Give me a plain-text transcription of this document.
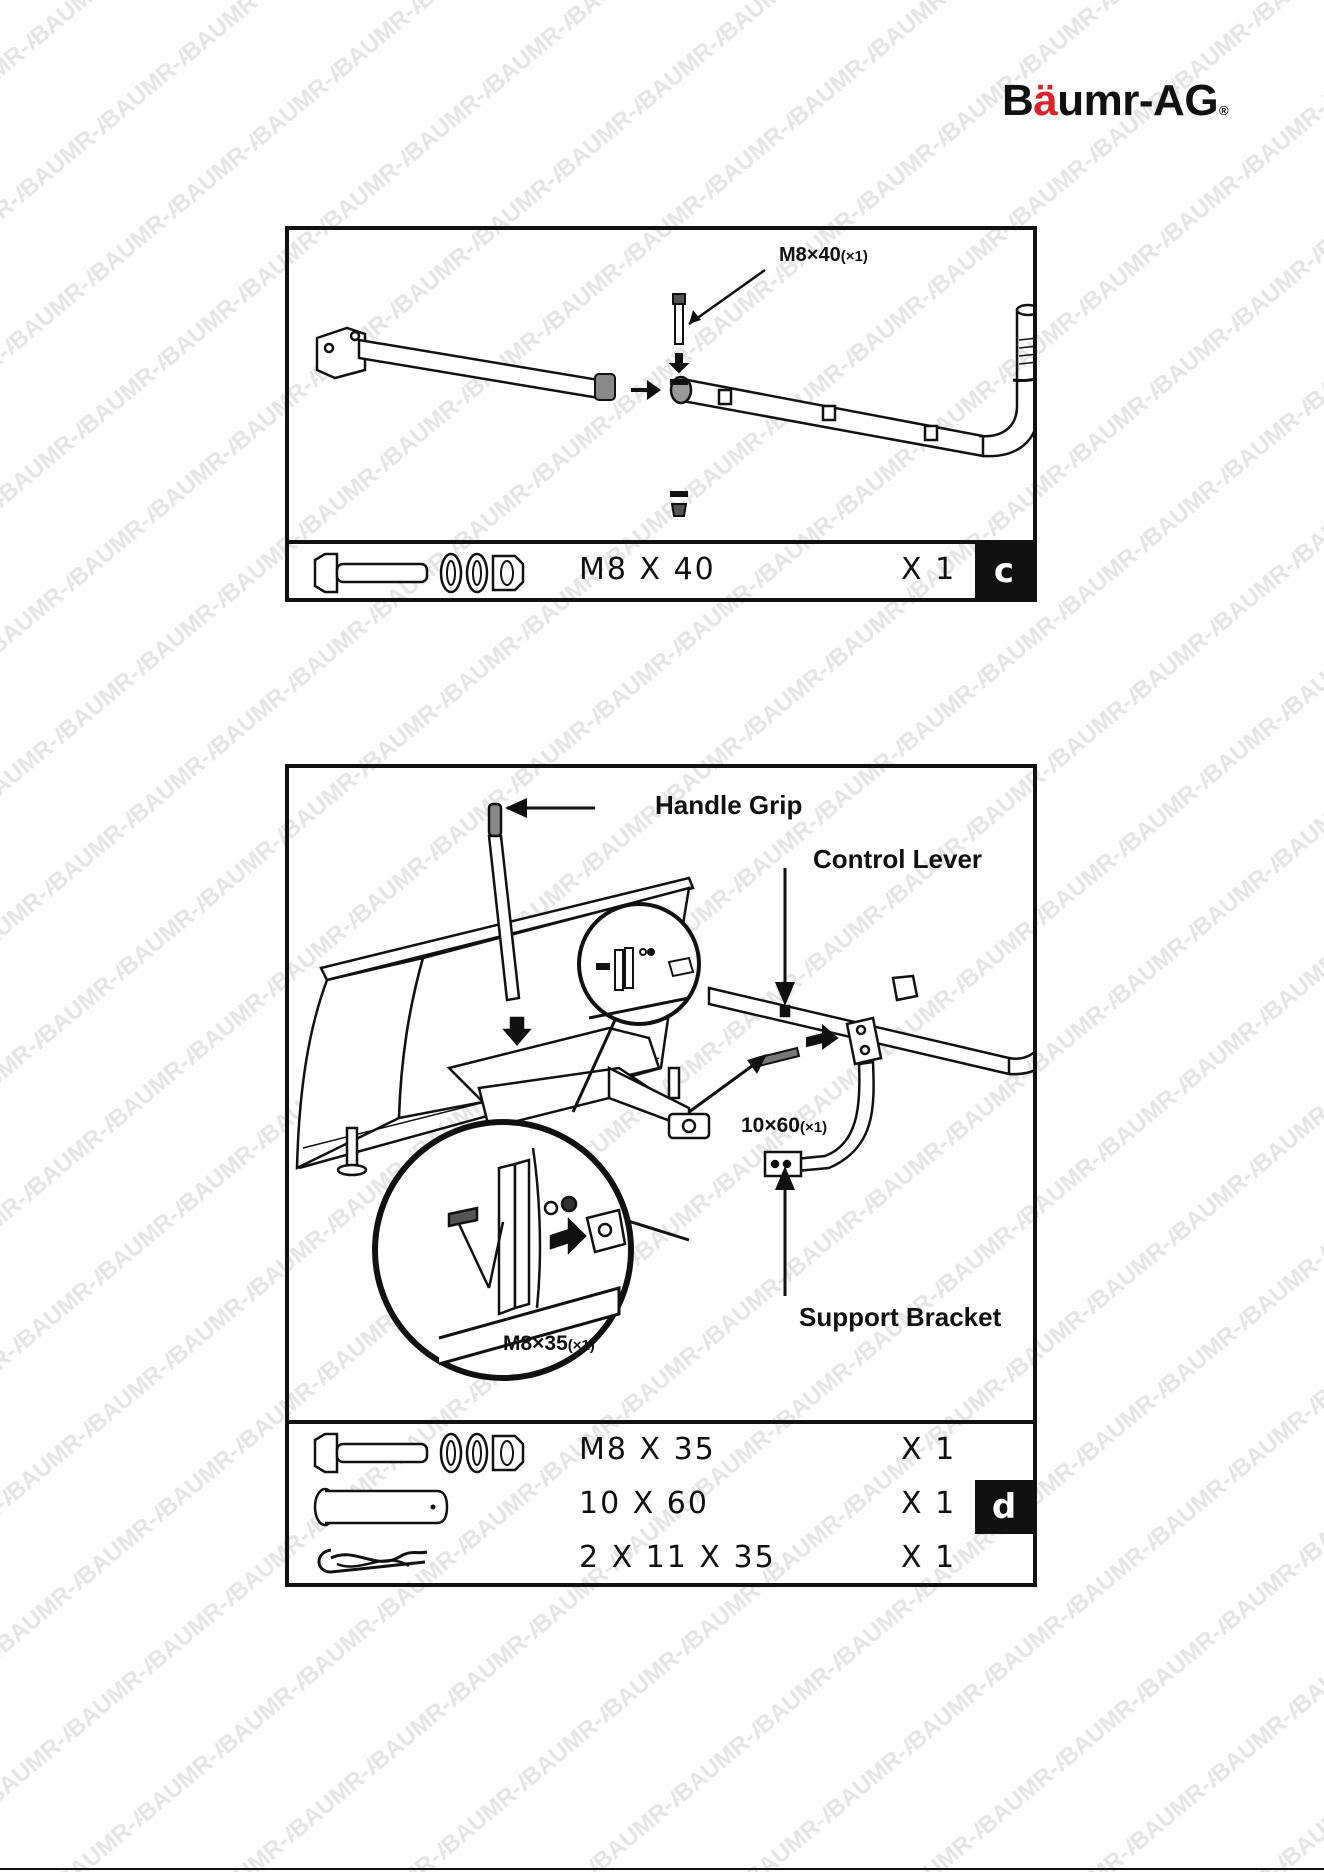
Bäumr-AG®
M8×40(×1)
M8 X 40	X 1	c
Handle Grip
Control Lever
10×60(×1)
M8×35(×1)
Support Bracket
M8 X 35	X 1
10 X 60	X 1
2 X 11 X 35	X 1
d
